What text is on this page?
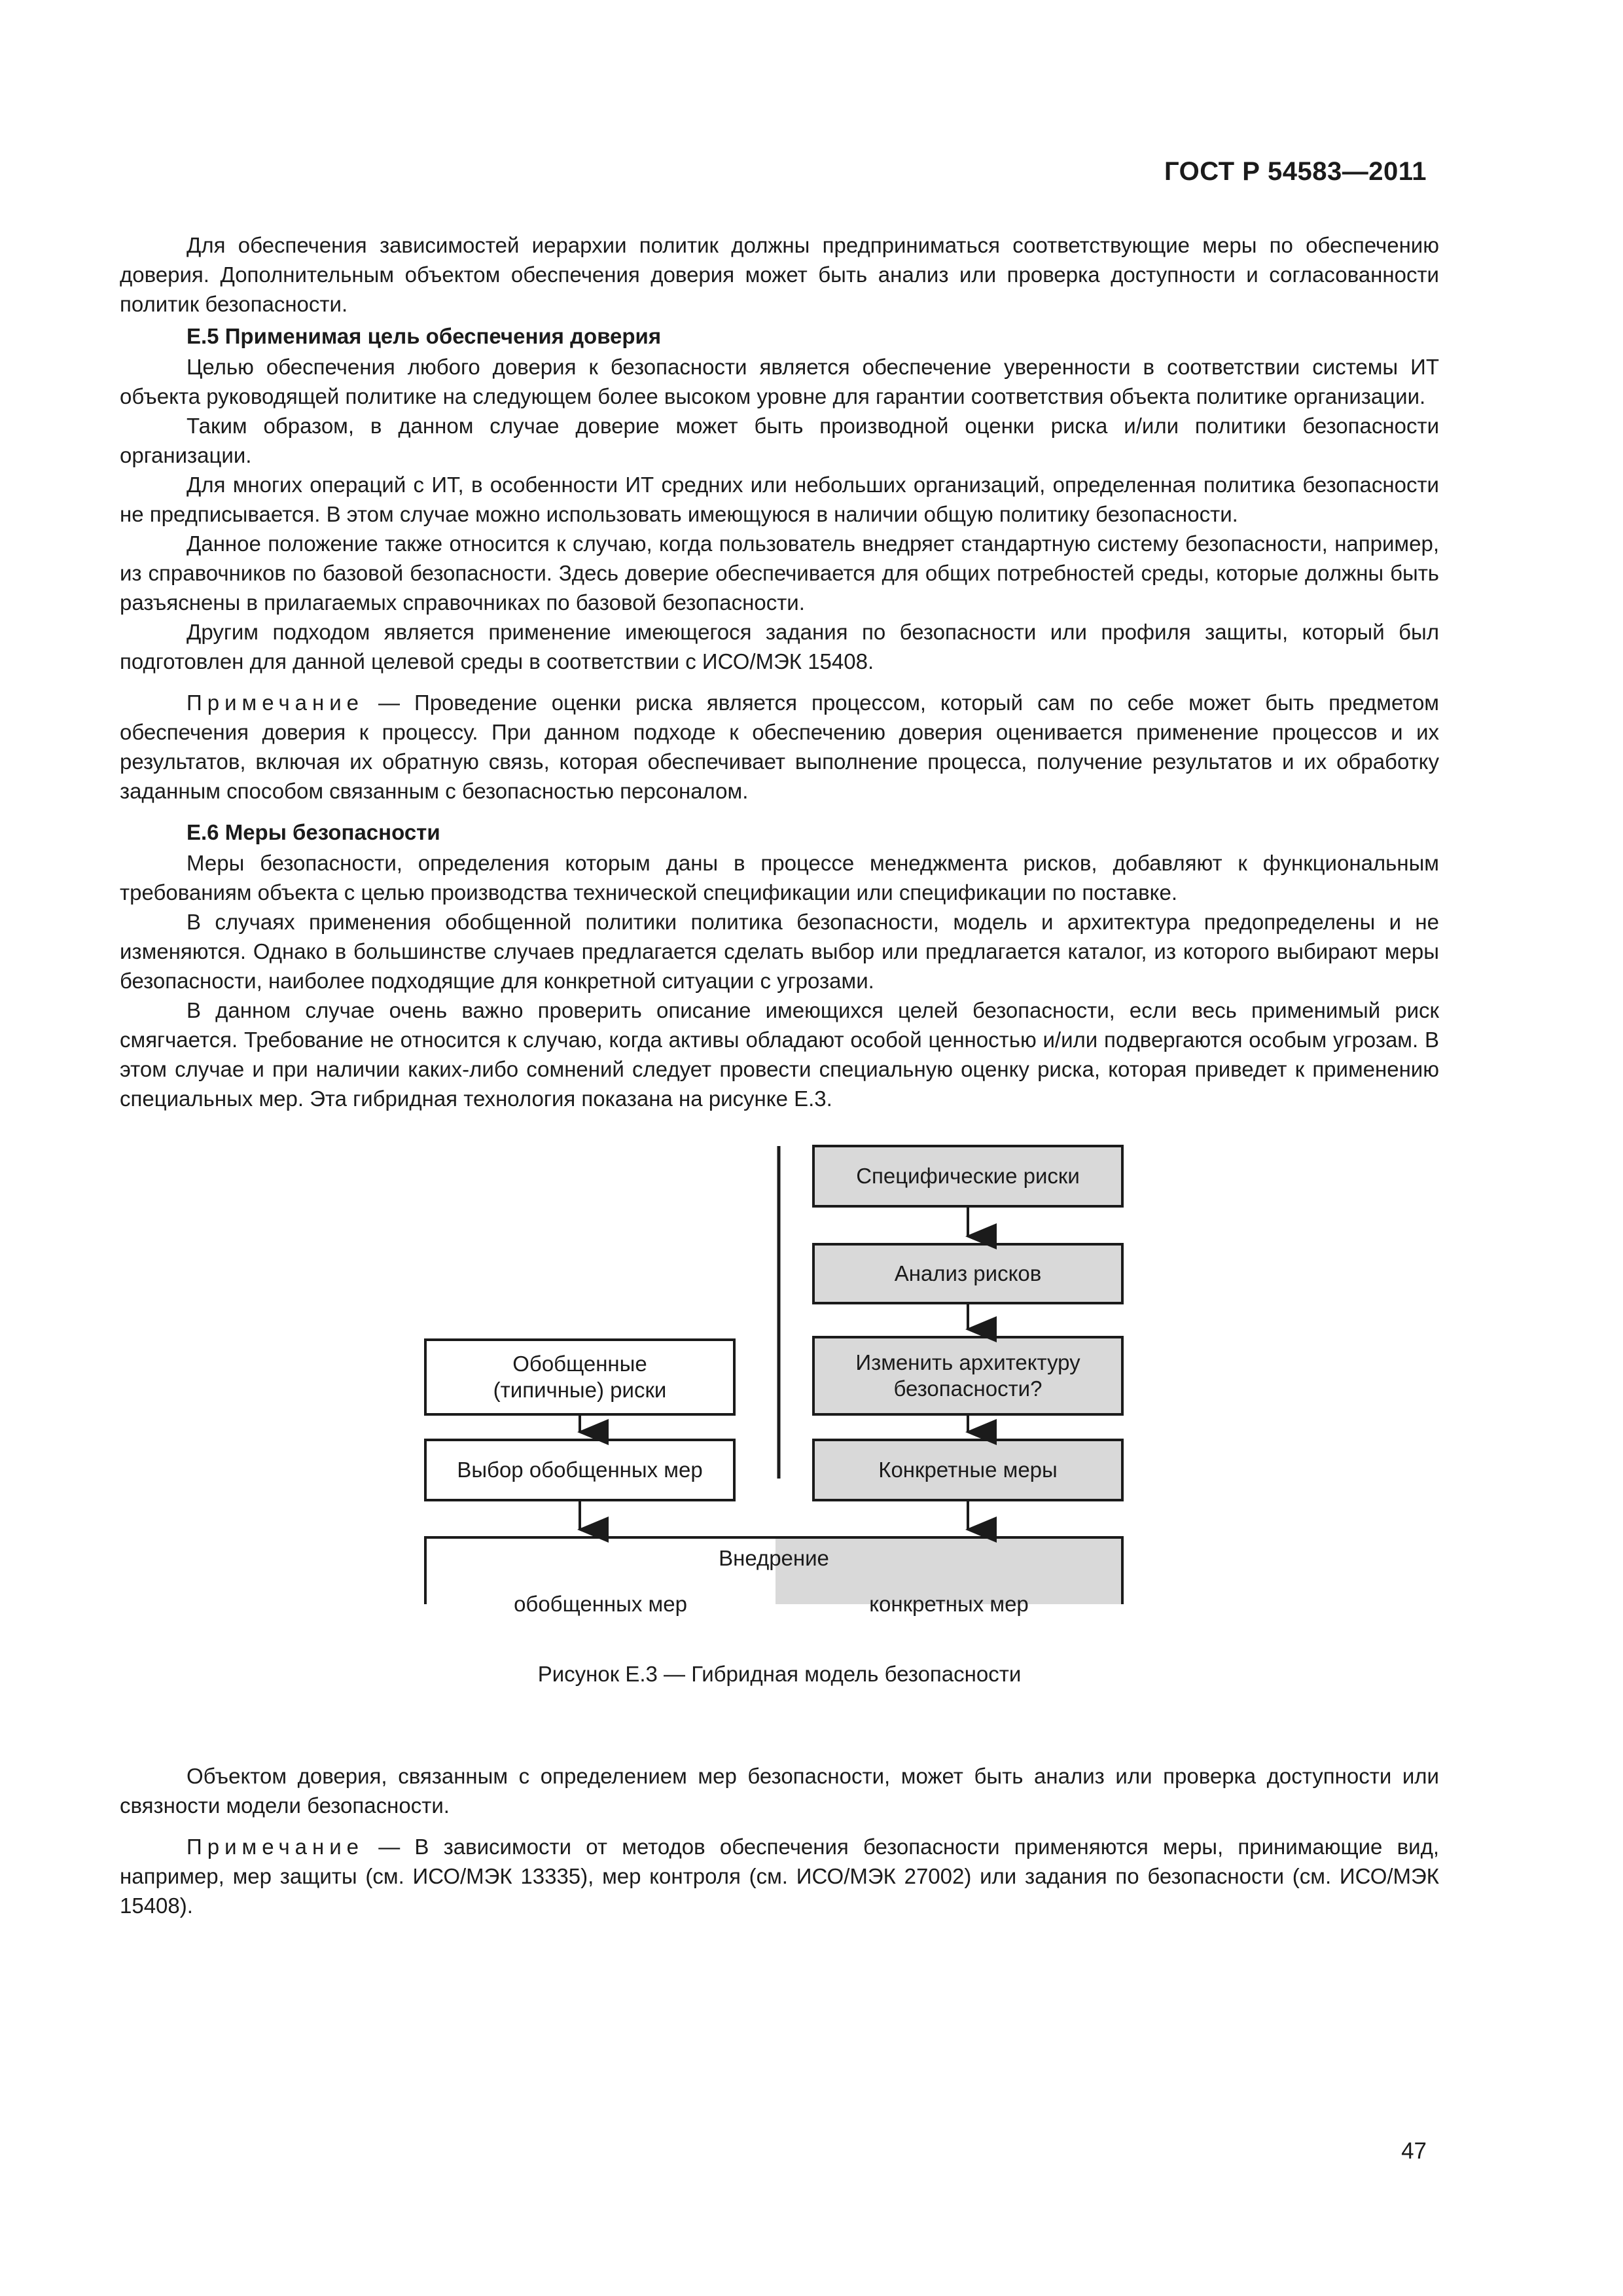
ГОСТ Р 54583—2011

Для обеспечения зависимостей иерархии политик должны предприниматься соответствующие меры по обеспечению доверия. Дополнительным объектом обеспечения доверия может быть анализ или проверка доступности и согласованности политик безопасности.

E.5 Применимая цель обеспечения доверия

Целью обеспечения любого доверия к безопасности является обеспечение уверенности в соответствии системы ИТ объекта руководящей политике на следующем более высоком уровне для гарантии соответствия объекта политике организации.

Таким образом, в данном случае доверие может быть производной оценки риска и/или политики безопасности организации.

Для многих операций с ИТ, в особенности ИТ средних или небольших организаций, определенная политика безопасности не предписывается. В этом случае можно использовать имеющуюся в наличии общую политику безопасности.

Данное положение также относится к случаю, когда пользователь внедряет стандартную систему безопасности, например, из справочников по базовой безопасности. Здесь доверие обеспечивается для общих потребностей среды, которые должны быть разъяснены в прилагаемых справочниках по базовой безопасности.

Другим подходом является применение имеющегося задания по безопасности или профиля защиты, который был подготовлен для данной целевой среды в соответствии с ИСО/МЭК 15408.

Примечание — Проведение оценки риска является процессом, который сам по себе может быть предметом обеспечения доверия к процессу. При данном подходе к обеспечению доверия оценивается применение процессов и их результатов, включая их обратную связь, которая обеспечивает выполнение процесса, получение результатов и их обработку заданным способом связанным с безопасностью персоналом.

E.6 Меры безопасности

Меры безопасности, определения которым даны в процессе менеджмента рисков, добавляют к функциональным требованиям объекта с целью производства технической спецификации или спецификации по поставке.

В случаях применения обобщенной политики политика безопасности, модель и архитектура предопределены и не изменяются. Однако в большинстве случаев предлагается сделать выбор или предлагается каталог, из которого выбирают меры безопасности, наиболее подходящие для конкретной ситуации с угрозами.

В данном случае очень важно проверить описание имеющихся целей безопасности, если весь применимый риск смягчается. Требование не относится к случаю, когда активы обладают особой ценностью и/или подвергаются особым угрозам. В этом случае и при наличии каких-либо сомнений следует провести специальную оценку риска, которая приведет к применению специальных мер. Эта гибридная технология показана на рисунке E.3.

Специфические риски
Анализ рисков
Изменить архитектуру безопасности?
Конкретные меры
Обобщенные (типичные) риски
Выбор обобщенных мер
Внедрение
обобщенных мер	конкретных мер
Рисунок E.3 — Гибридная модель безопасности

Объектом доверия, связанным с определением мер безопасности, может быть анализ или проверка доступности или связности модели безопасности.

Примечание — В зависимости от методов обеспечения безопасности применяются меры, принимающие вид, например, мер защиты (см. ИСО/МЭК 13335), мер контроля (см. ИСО/МЭК 27002) или задания по безопасности (см. ИСО/МЭК 15408).

47
